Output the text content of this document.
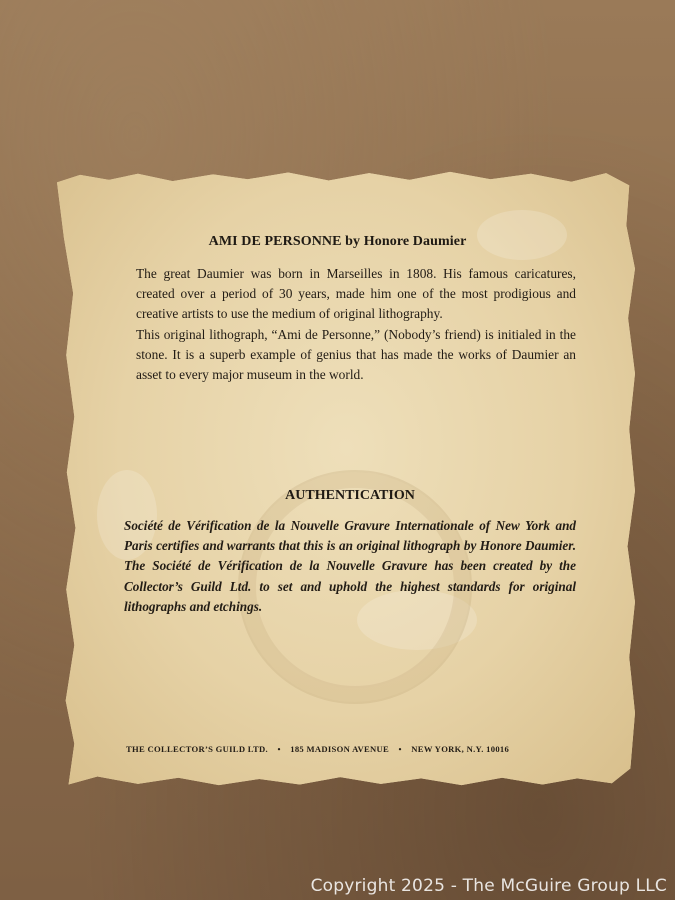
AMI DE PERSONNE by Honore Daumier

The great Daumier was born in Marseilles in 1808. His famous caricatures, created over a period of 30 years, made him one of the most prodigious and creative artists to use the medium of original lithography.

This original lithograph, “Ami de Personne,” (Nobody’s friend) is initialed in the stone. It is a superb example of genius that has made the works of Daumier an asset to every major museum in the world.

AUTHENTICATION
Société de Vérification de la Nouvelle Gravure Internationale of New York and Paris certifies and warrants that this is an original lithograph by Honore Daumier. The Société de Vérification de la Nouvelle Gravure has been created by the Collector’s Guild Ltd. to set and uphold the highest standards for original lithographs and etchings.
THE COLLECTOR’S GUILD LTD. • 185 MADISON AVENUE • NEW YORK, N.Y. 10016
Copyright 2025 - The McGuire Group LLC
